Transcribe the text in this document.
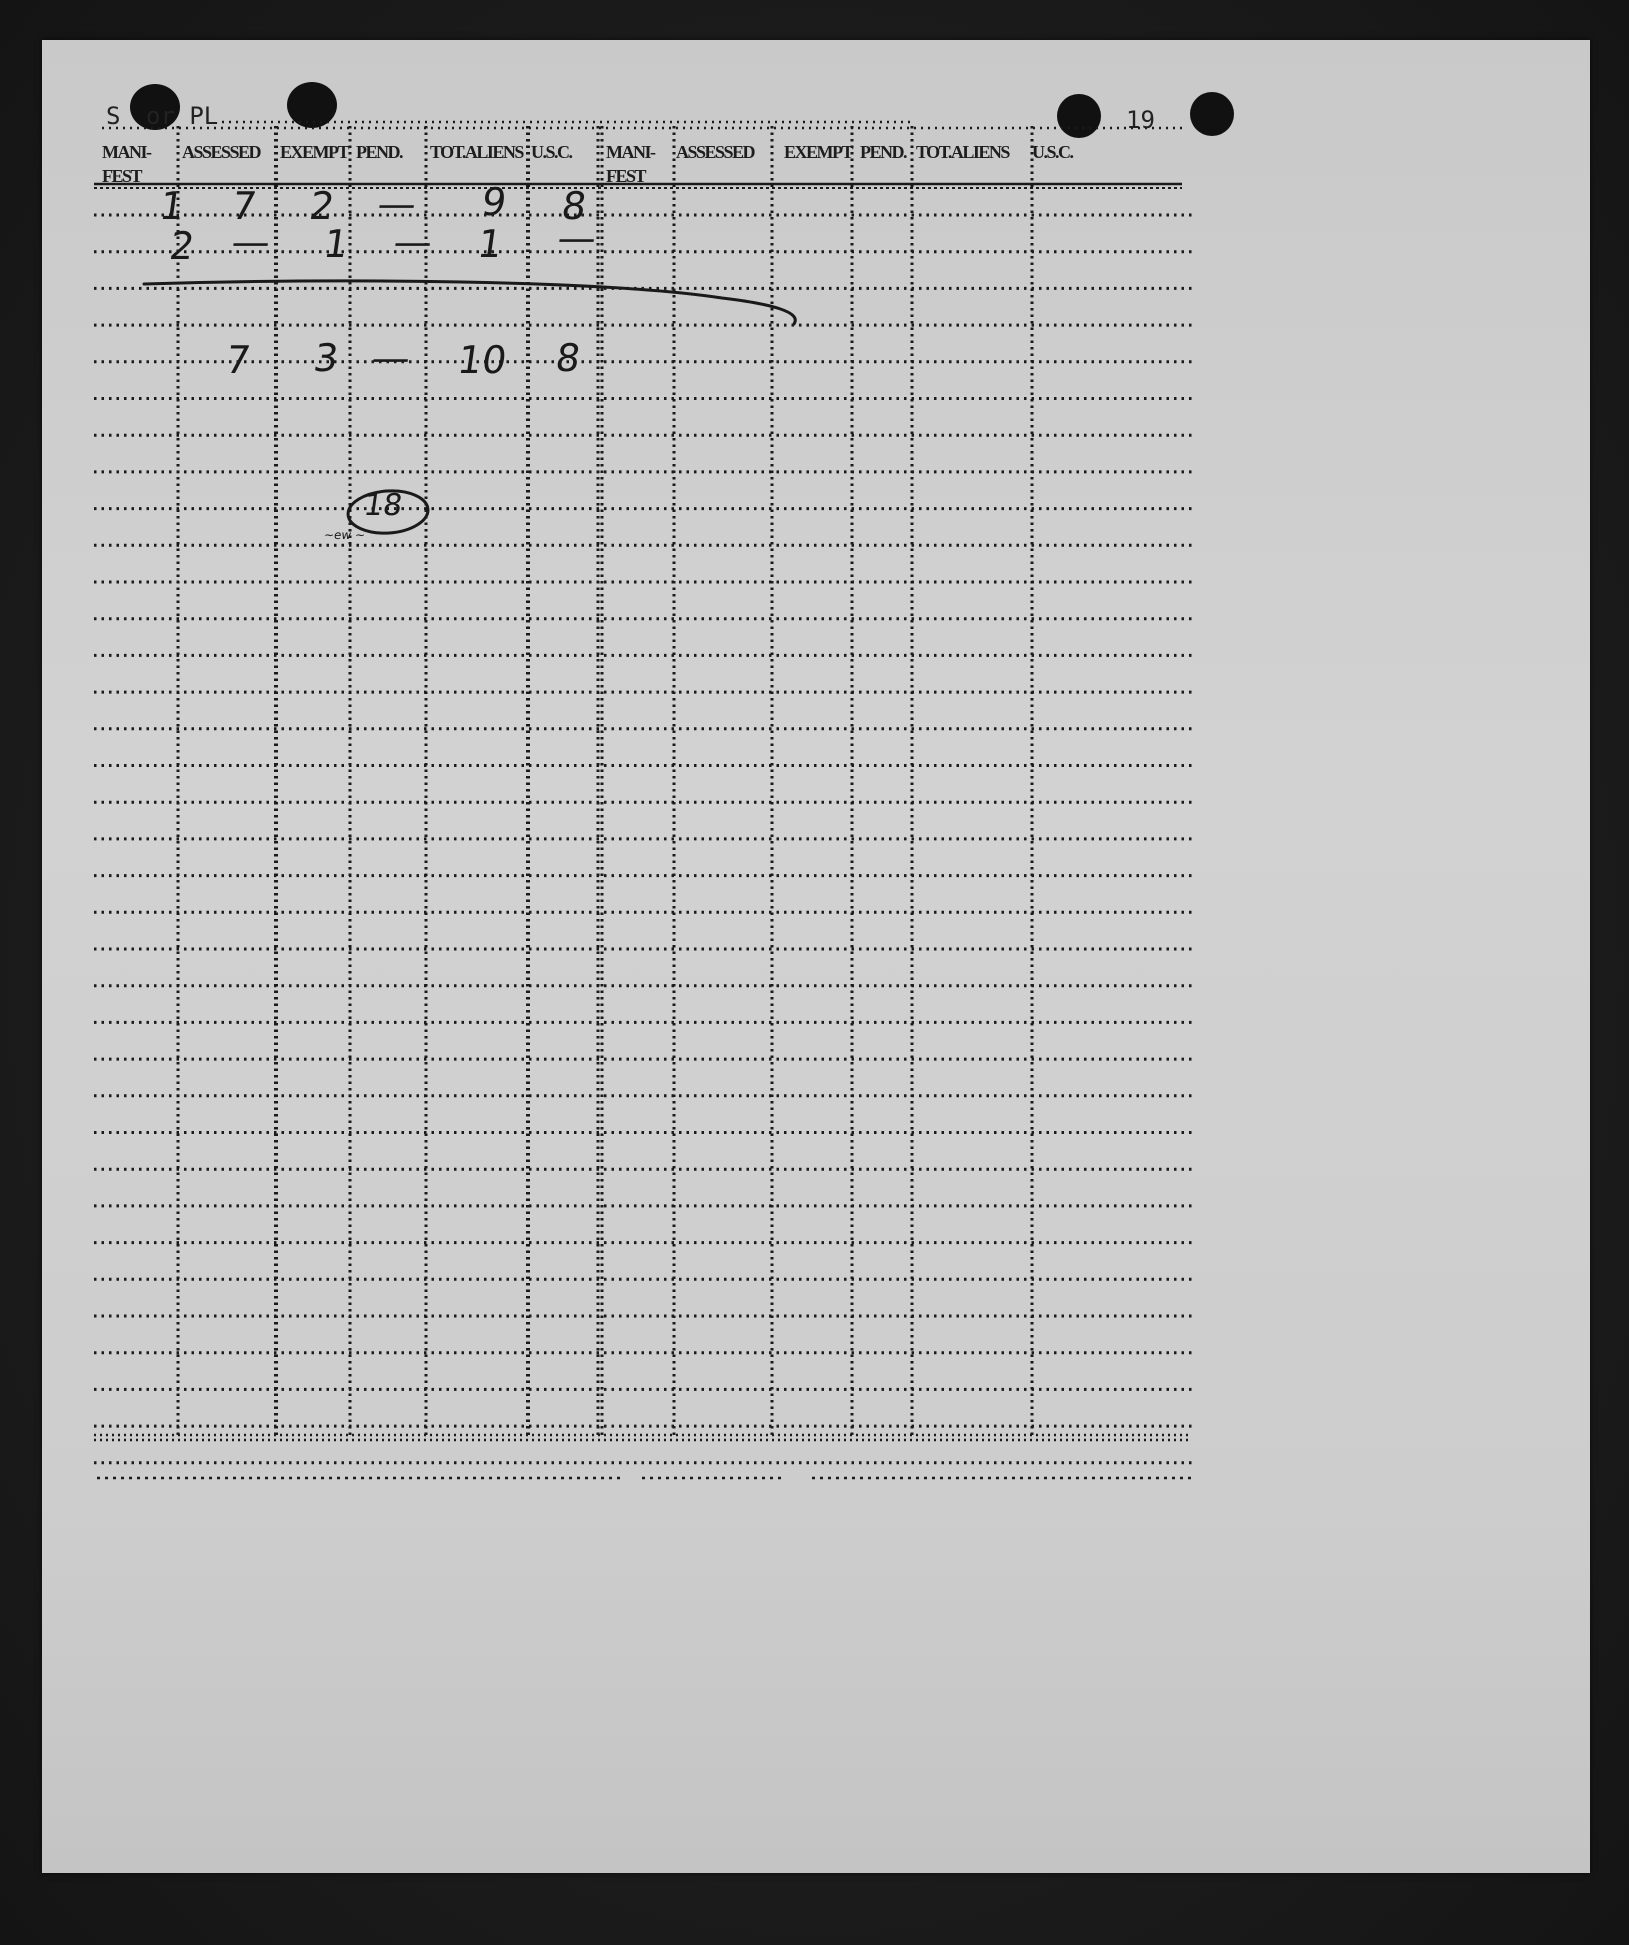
S or PL	19
MANI-
FEST
ASSESSED EXEMPT PEND. TOT.ALIENS U.S.C. MANI-
FEST
ASSESSED EXEMPT PEND. TOT.ALIENS U.S.C.
1 7 2 — 9 8
2 — 1 — 1 —
7 3 — 10 8
18
~ew ~
